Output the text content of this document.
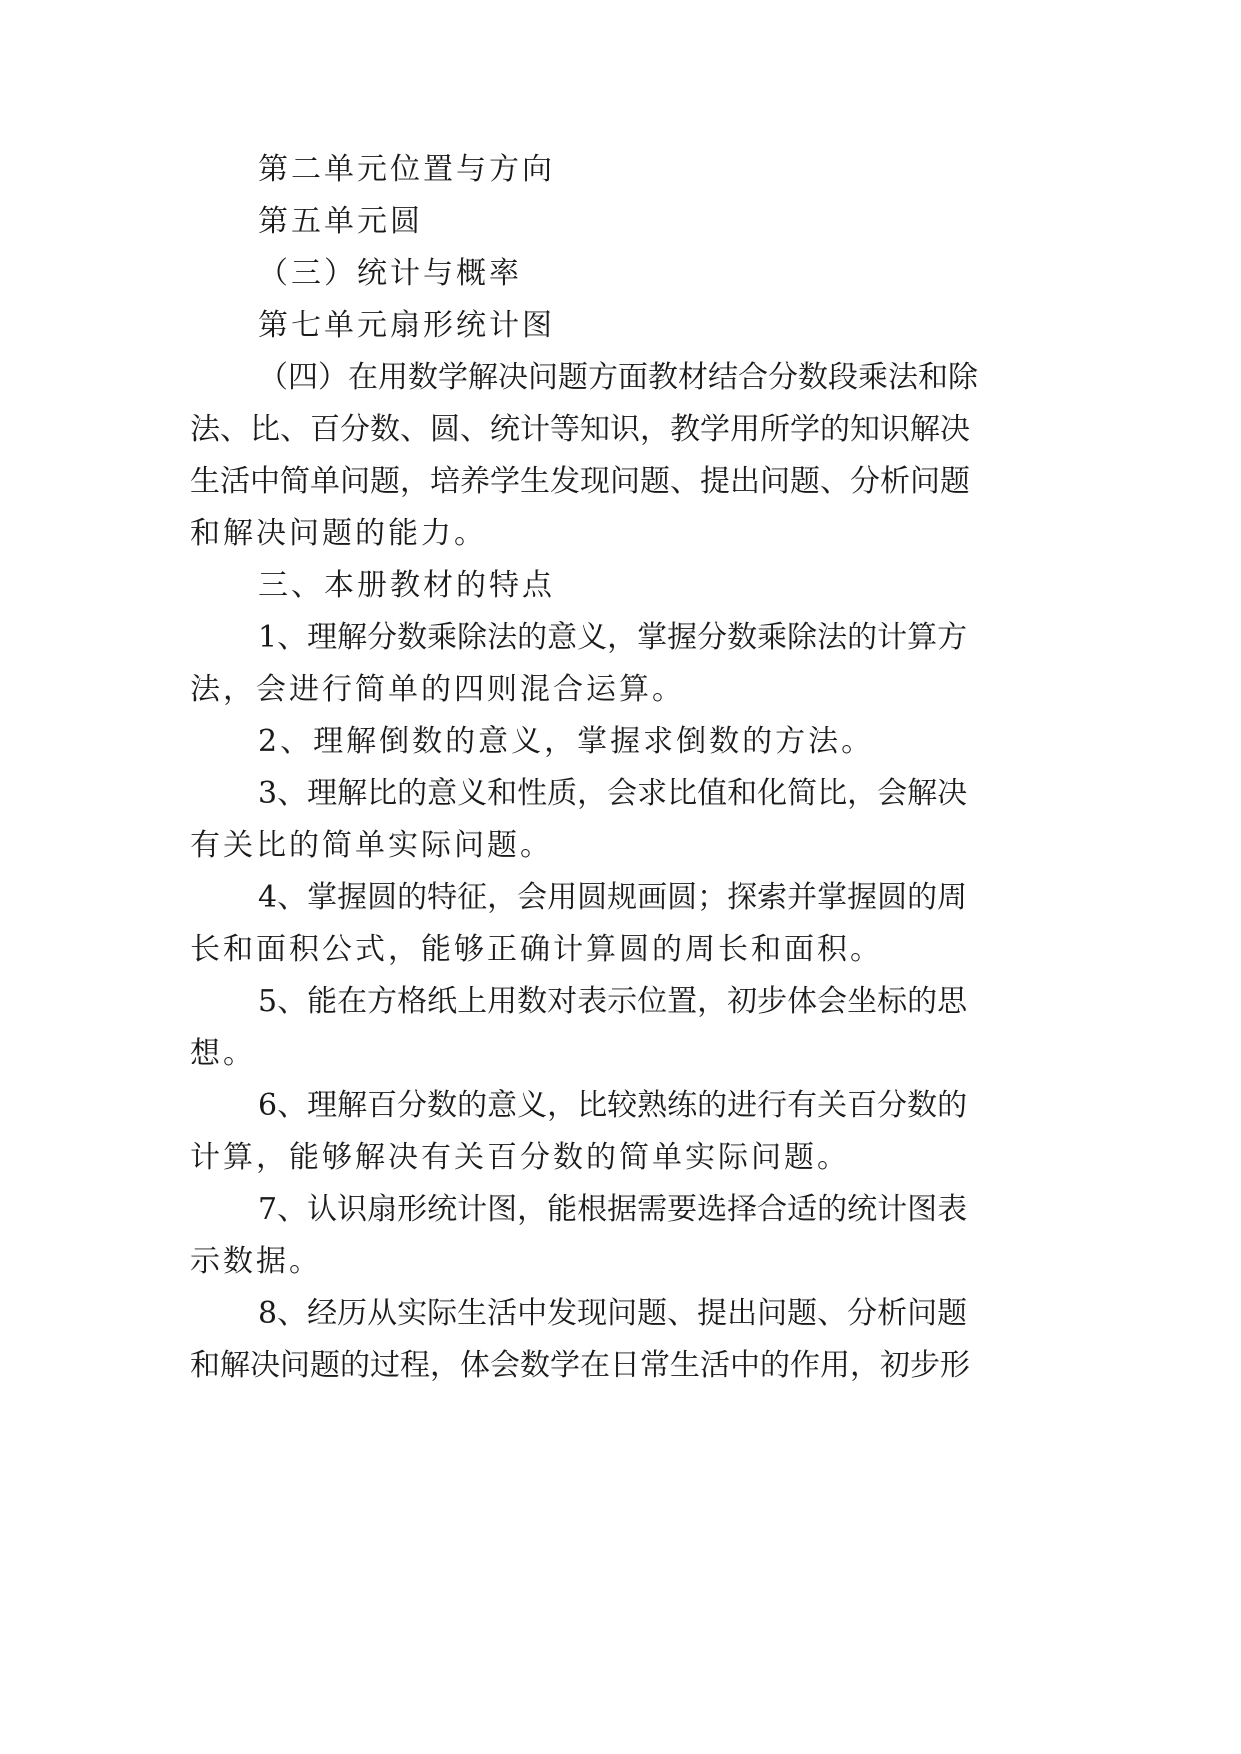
第二单元位置与方向
第五单元圆
（三）统计与概率
第七单元扇形统计图
（四）在用数学解决问题方面教材结合分数段乘法和除
法、比、百分数、圆、统计等知识，教学用所学的知识解决
生活中简单问题，培养学生发现问题、提出问题、分析问题
和解决问题的能力。
三、本册教材的特点
1、理解分数乘除法的意义，掌握分数乘除法的计算方
法，会进行简单的四则混合运算。
2、理解倒数的意义，掌握求倒数的方法。
3、理解比的意义和性质，会求比值和化简比，会解决
有关比的简单实际问题。
4、掌握圆的特征，会用圆规画圆；探索并掌握圆的周
长和面积公式，能够正确计算圆的周长和面积。
5、能在方格纸上用数对表示位置，初步体会坐标的思
想。
6、理解百分数的意义，比较熟练的进行有关百分数的
计算，能够解决有关百分数的简单实际问题。
7、认识扇形统计图，能根据需要选择合适的统计图表
示数据。
8、经历从实际生活中发现问题、提出问题、分析问题
和解决问题的过程，体会数学在日常生活中的作用，初步形
